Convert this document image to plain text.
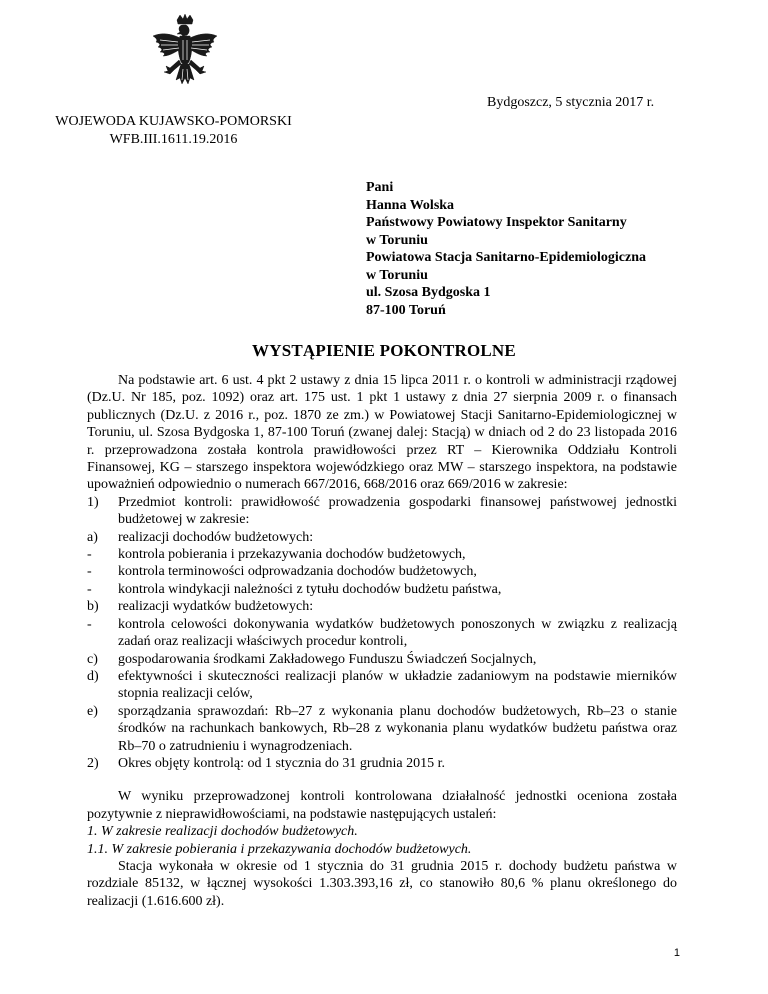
Bydgoszcz, 5 stycznia 2017 r.
WOJEWODA KUJAWSKO-POMORSKI
WFB.III.1611.19.2016
Pani
Hanna Wolska
Państwowy Powiatowy Inspektor Sanitarny
w Toruniu
Powiatowa Stacja Sanitarno-Epidemiologiczna
w Toruniu
ul. Szosa Bydgoska 1
87-100 Toruń
WYSTĄPIENIE POKONTROLNE

Na podstawie art. 6 ust. 4 pkt 2 ustawy z dnia 15 lipca 2011 r. o kontroli w administracji rządowej (Dz.U. Nr 185, poz. 1092) oraz art. 175 ust. 1 pkt 1 ustawy z dnia 27 sierpnia 2009 r. o finansach publicznych (Dz.U. z 2016 r., poz. 1870 ze zm.) w Powiatowej Stacji Sanitarno-Epidemiologicznej w Toruniu, ul. Szosa Bydgoska 1, 87-100 Toruń (zwanej dalej: Stacją) w dniach od 2 do 23 listopada 2016 r. przeprowadzona została kontrola prawidłowości przez RT – Kierownika Oddziału Kontroli Finansowej, KG – starszego inspektora wojewódzkiego oraz MW – starszego inspektora, na podstawie upoważnień odpowiednio o numerach 667/2016, 668/2016 oraz 669/2016 w zakresie:

1) Przedmiot kontroli: prawidłowość prowadzenia gospodarki finansowej państwowej jednostki budżetowej w zakresie:
a) realizacji dochodów budżetowych:
- kontrola pobierania i przekazywania dochodów budżetowych,
- kontrola terminowości odprowadzania dochodów budżetowych,
- kontrola windykacji należności z tytułu dochodów budżetu państwa,
b) realizacji wydatków budżetowych:
- kontrola celowości dokonywania wydatków budżetowych ponoszonych w związku z realizacją zadań oraz realizacji właściwych procedur kontroli,
c) gospodarowania środkami Zakładowego Funduszu Świadczeń Socjalnych,
d) efektywności i skuteczności realizacji planów w układzie zadaniowym na podstawie mierników stopnia realizacji celów,
e) sporządzania sprawozdań: Rb–27 z wykonania planu dochodów budżetowych, Rb–23 o stanie środków na rachunkach bankowych, Rb–28 z wykonania planu wydatków budżetu państwa oraz Rb–70 o zatrudnieniu i wynagrodzeniach.
2) Okres objęty kontrolą: od 1 stycznia do 31 grudnia 2015 r.

W wyniku przeprowadzonej kontroli kontrolowana działalność jednostki oceniona została pozytywnie z nieprawidłowościami, na podstawie następujących ustaleń:

1. W zakresie realizacji dochodów budżetowych.

1.1. W zakresie pobierania i przekazywania dochodów budżetowych.

Stacja wykonała w okresie od 1 stycznia do 31 grudnia 2015 r. dochody budżetu państwa w rozdziale 85132, w łącznej wysokości 1.303.393,16 zł, co stanowiło 80,6 % planu określonego do realizacji (1.616.600 zł).

1
